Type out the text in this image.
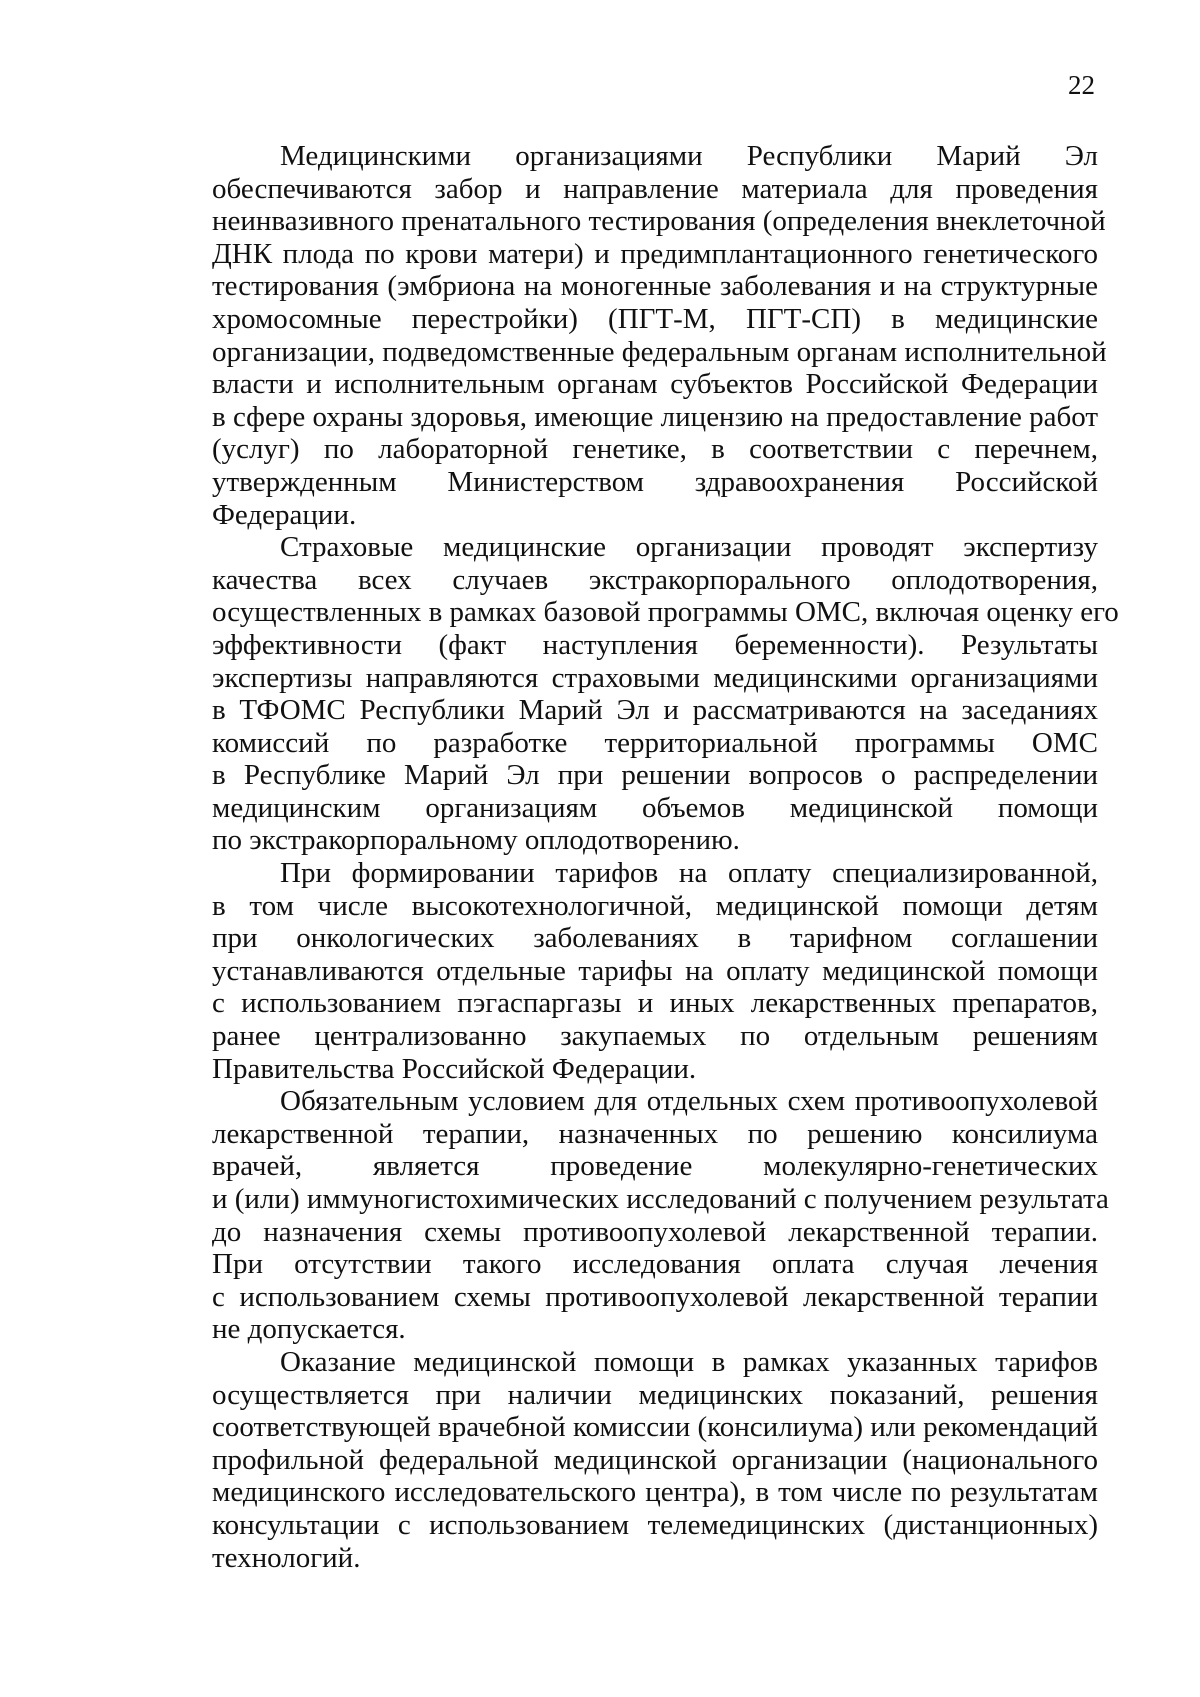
22

Медицинскими организациями Республики Марий Эл
обеспечиваются забор и направление материала для проведения
неинвазивного пренатального тестирования (определения внеклеточной
ДНК плода по крови матери) и предимплантационного генетического
тестирования (эмбриона на моногенные заболевания и на структурные
хромосомные перестройки) (ПГТ-М, ПГТ-СП) в медицинские
организации, подведомственные федеральным органам исполнительной
власти и исполнительным органам субъектов Российской Федерации
в сфере охраны здоровья, имеющие лицензию на предоставление работ
(услуг) по лабораторной генетике, в соответствии с перечнем,
утвержденным Министерством здравоохранения Российской
Федерации.

Страховые медицинские организации проводят экспертизу
качества всех случаев экстракорпорального оплодотворения,
осуществленных в рамках базовой программы ОМС, включая оценку его
эффективности (факт наступления беременности). Результаты
экспертизы направляются страховыми медицинскими организациями
в ТФОМС Республики Марий Эл и рассматриваются на заседаниях
комиссий по разработке территориальной программы ОМС
в Республике Марий Эл при решении вопросов о распределении
медицинским организациям объемов медицинской помощи
по экстракорпоральному оплодотворению.

При формировании тарифов на оплату специализированной,
в том числе высокотехнологичной, медицинской помощи детям
при онкологических заболеваниях в тарифном соглашении
устанавливаются отдельные тарифы на оплату медицинской помощи
с использованием пэгаспаргазы и иных лекарственных препаратов,
ранее централизованно закупаемых по отдельным решениям
Правительства Российской Федерации.

Обязательным условием для отдельных схем противоопухолевой
лекарственной терапии, назначенных по решению консилиума
врачей, является проведение молекулярно-генетических
и (или) иммуногистохимических исследований с получением результата
до назначения схемы противоопухолевой лекарственной терапии.
При отсутствии такого исследования оплата случая лечения
с использованием схемы противоопухолевой лекарственной терапии
не допускается.

Оказание медицинской помощи в рамках указанных тарифов
осуществляется при наличии медицинских показаний, решения
соответствующей врачебной комиссии (консилиума) или рекомендаций
профильной федеральной медицинской организации (национального
медицинского исследовательского центра), в том числе по результатам
консультации с использованием телемедицинских (дистанционных)
технологий.
